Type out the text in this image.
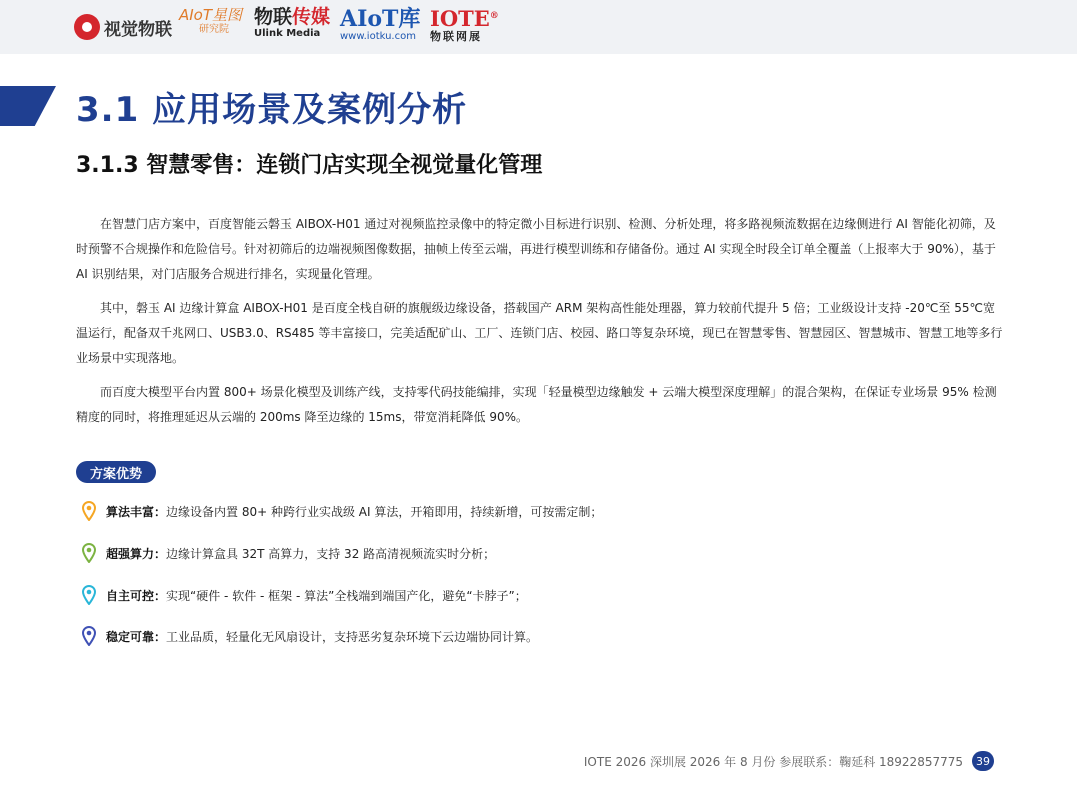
视觉物联
AIoT星图
研究院
物联传媒
Ulink Media
AIoT库
www.iotku.com
IOTE®
物联网展
3.1 应用场景及案例分析
3.1.3 智慧零售：连锁门店实现全视觉量化管理

在智慧门店方案中，百度智能云磐玉 AIBOX-H01 通过对视频监控录像中的特定微小目标进行识别、检测、分析处理，将多路视频流数据在边缘侧进行 AI 智能化初筛，及时预警不合规操作和危险信号。针对初筛后的边端视频图像数据，抽帧上传至云端，再进行模型训练和存储备份。通过 AI 实现全时段全订单全覆盖（上报率大于 90%），基于 AI 识别结果，对门店服务合规进行排名，实现量化管理。

其中，磐玉 AI 边缘计算盒 AIBOX-H01 是百度全栈自研的旗舰级边缘设备，搭载国产 ARM 架构高性能处理器，算力较前代提升 5 倍；工业级设计支持 -20℃至 55℃宽温运行，配备双千兆网口、USB3.0、RS485 等丰富接口，完美适配矿山、工厂、连锁门店、校园、路口等复杂环境，现已在智慧零售、智慧园区、智慧城市、智慧工地等多行业场景中实现落地。

而百度大模型平台内置 800+ 场景化模型及训练产线，支持零代码技能编排，实现「轻量模型边缘触发 + 云端大模型深度理解」的混合架构，在保证专业场景 95% 检测精度的同时，将推理延迟从云端的 200ms 降至边缘的 15ms，带宽消耗降低 90%。

方案优势
算法丰富： 边缘设备内置 80+ 种跨行业实战级 AI 算法，开箱即用，持续新增，可按需定制；
超强算力： 边缘计算盒具 32T 高算力，支持 32 路高清视频流实时分析；
自主可控： 实现“硬件 - 软件 - 框架 - 算法”全栈端到端国产化，避免“卡脖子”；
稳定可靠： 工业品质，轻量化无风扇设计，支持恶劣复杂环境下云边端协同计算。
IOTE 2026 深圳展 2026 年 8 月份 参展联系：鞠延科 18922857775	39
